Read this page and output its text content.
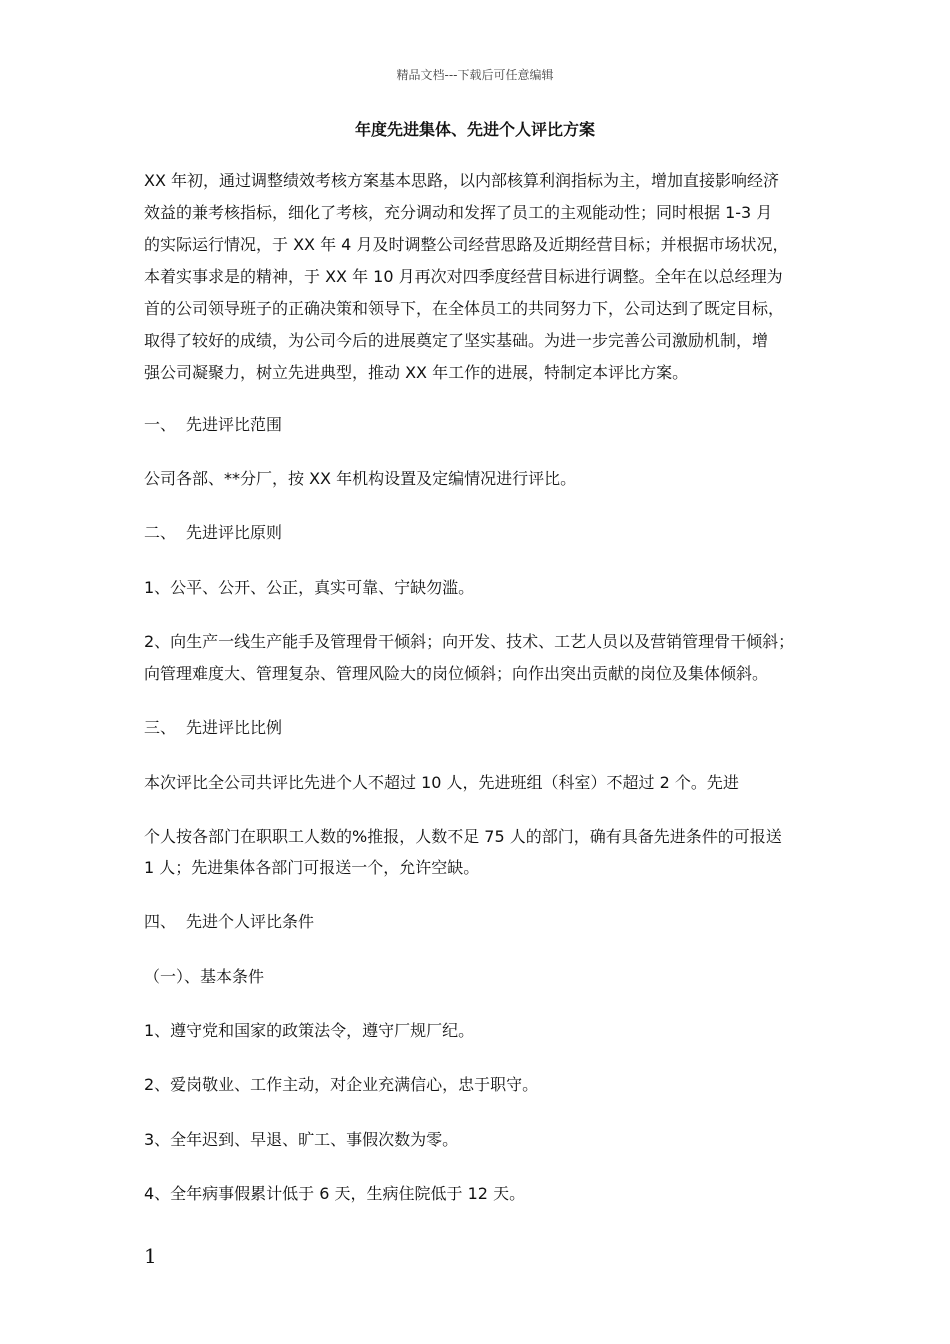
精品文档---下载后可任意编辑
年度先进集体、先进个人评比方案
XX 年初，通过调整绩效考核方案基本思路，以内部核算利润指标为主，增加直接影响经济
效益的兼考核指标，细化了考核，充分调动和发挥了员工的主观能动性；同时根据 1-3 月
的实际运行情况，于 XX 年 4 月及时调整公司经营思路及近期经营目标；并根据市场状况，
本着实事求是的精神，于 XX 年 10 月再次对四季度经营目标进行调整。全年在以总经理为
首的公司领导班子的正确决策和领导下，在全体员工的共同努力下，公司达到了既定目标，
取得了较好的成绩，为公司今后的进展奠定了坚实基础。为进一步完善公司激励机制，增
强公司凝聚力，树立先进典型，推动 XX 年工作的进展，特制定本评比方案。
一、 先进评比范围
公司各部、**分厂，按 XX 年机构设置及定编情况进行评比。
二、 先进评比原则
1、公平、公开、公正，真实可靠、宁缺勿滥。
2、向生产一线生产能手及管理骨干倾斜；向开发、技术、工艺人员以及营销管理骨干倾斜；
向管理难度大、管理复杂、管理风险大的岗位倾斜；向作出突出贡献的岗位及集体倾斜。
三、 先进评比比例
本次评比全公司共评比先进个人不超过 10 人，先进班组（科室）不超过 2 个。先进
个人按各部门在职职工人数的%推报，人数不足 75 人的部门，确有具备先进条件的可报送
1 人；先进集体各部门可报送一个，允许空缺。
四、 先进个人评比条件
（一）、基本条件
1、遵守党和国家的政策法令，遵守厂规厂纪。
2、爱岗敬业、工作主动，对企业充满信心，忠于职守。
3、全年迟到、早退、旷工、事假次数为零。
4、全年病事假累计低于 6 天，生病住院低于 12 天。
1
